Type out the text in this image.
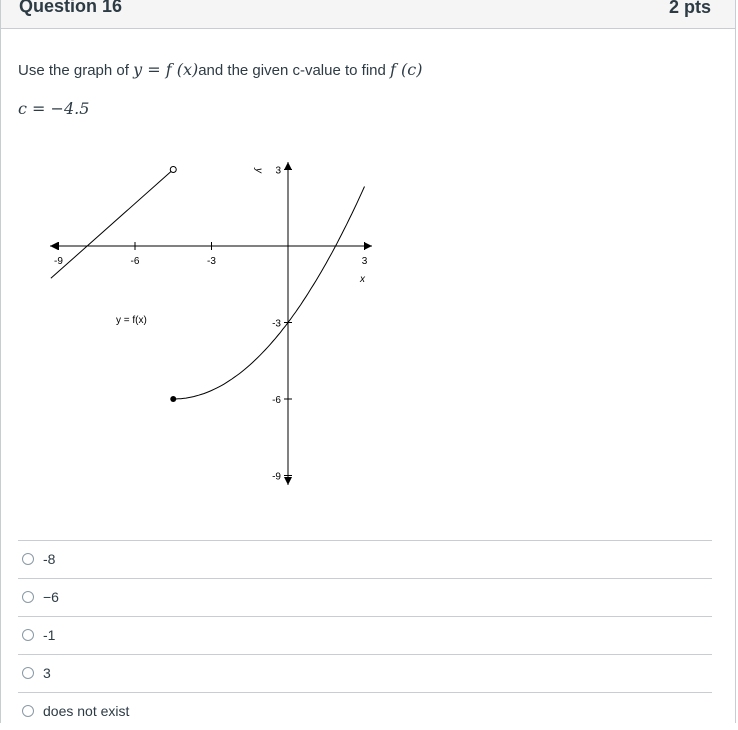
Question 16	2 pts
Use the graph of y = f (x)and the given c-value to find f (c)
c = −4.5
-9	-6	-3	3
3
-3
-6
-9
x
y
y = f(x)
-8
−6
-1
3
does not exist
